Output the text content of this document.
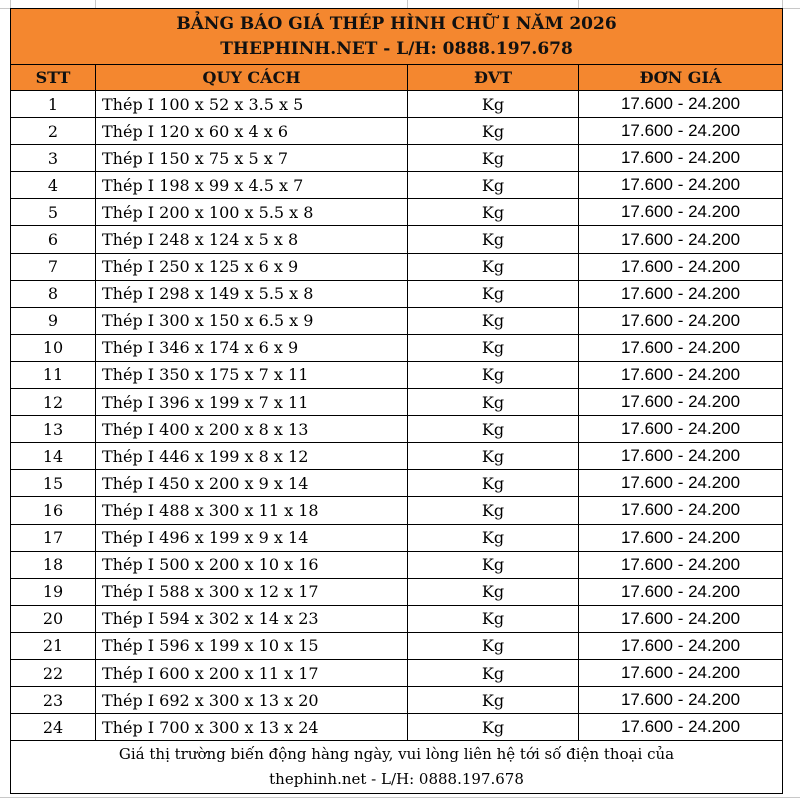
BẢNG BÁO GIÁ THÉP HÌNH CHỮ I NĂM 2026
THEPHINH.NET - L/H: 0888.197.678			

STT	QUY CÁCH	ĐVT	ĐƠN GIÁ
1	Thép I 100 x 52 x 3.5 x 5	Kg	17.600 - 24.200
2	Thép I 120 x 60 x 4 x 6	Kg	17.600 - 24.200
3	Thép I 150 x 75 x 5 x 7	Kg	17.600 - 24.200
4	Thép I 198 x 99 x 4.5 x 7	Kg	17.600 - 24.200
5	Thép I 200 x 100 x 5.5 x 8	Kg	17.600 - 24.200
6	Thép I 248 x 124 x 5 x 8	Kg	17.600 - 24.200
7	Thép I 250 x 125 x 6 x 9	Kg	17.600 - 24.200
8	Thép I 298 x 149 x 5.5 x 8	Kg	17.600 - 24.200
9	Thép I 300 x 150 x 6.5 x 9	Kg	17.600 - 24.200
10	Thép I 346 x 174 x 6 x 9	Kg	17.600 - 24.200
11	Thép I 350 x 175 x 7 x 11	Kg	17.600 - 24.200
12	Thép I 396 x 199 x 7 x 11	Kg	17.600 - 24.200
13	Thép I 400 x 200 x 8 x 13	Kg	17.600 - 24.200
14	Thép I 446 x 199 x 8 x 12	Kg	17.600 - 24.200
15	Thép I 450 x 200 x 9 x 14	Kg	17.600 - 24.200
16	Thép I 488 x 300 x 11 x 18	Kg	17.600 - 24.200
17	Thép I 496 x 199 x 9 x 14	Kg	17.600 - 24.200
18	Thép I 500 x 200 x 10 x 16	Kg	17.600 - 24.200
19	Thép I 588 x 300 x 12 x 17	Kg	17.600 - 24.200
20	Thép I 594 x 302 x 14 x 23	Kg	17.600 - 24.200
21	Thép I 596 x 199 x 10 x 15	Kg	17.600 - 24.200
22	Thép I 600 x 200 x 11 x 17	Kg	17.600 - 24.200
23	Thép I 692 x 300 x 13 x 20	Kg	17.600 - 24.200
24	Thép I 700 x 300 x 13 x 24	Kg	17.600 - 24.200

Giá thị trường biến động hàng ngày, vui lòng liên hệ tới số điện thoại của
thephinh.net - L/H: 0888.197.678			
